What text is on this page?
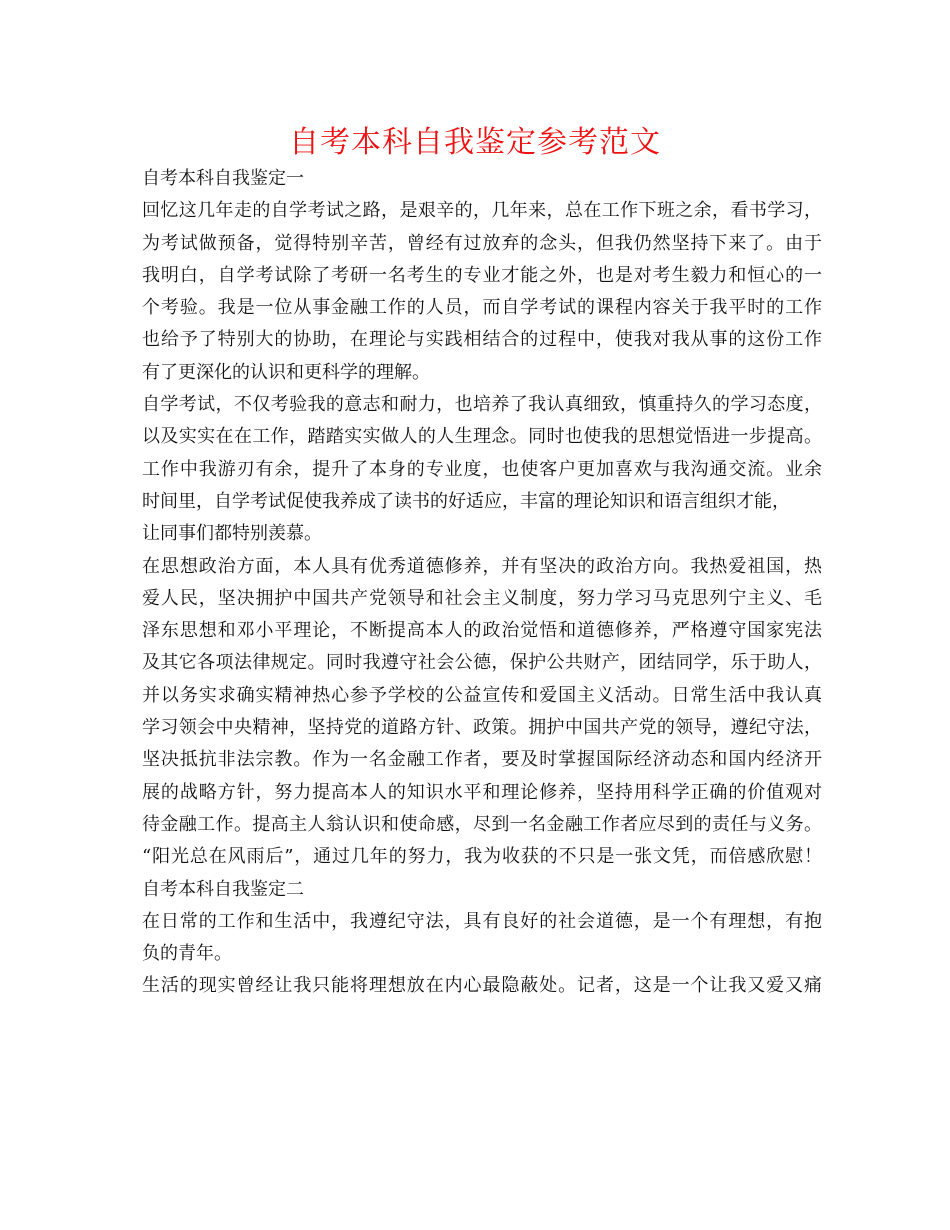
自考本科自我鉴定参考范文
自考本科自我鉴定一
回忆这几年走的自学考试之路，是艰辛的，几年来，总在工作下班之余，看书学习，
为考试做预备，觉得特别辛苦，曾经有过放弃的念头，但我仍然坚持下来了。由于
我明白，自学考试除了考研一名考生的专业才能之外，也是对考生毅力和恒心的一
个考验。我是一位从事金融工作的人员，而自学考试的课程内容关于我平时的工作
也给予了特别大的协助，在理论与实践相结合的过程中，使我对我从事的这份工作
有了更深化的认识和更科学的理解。
自学考试，不仅考验我的意志和耐力，也培养了我认真细致，慎重持久的学习态度，
以及实实在在工作，踏踏实实做人的人生理念。同时也使我的思想觉悟进一步提高。
工作中我游刃有余，提升了本身的专业度，也使客户更加喜欢与我沟通交流。业余
时间里，自学考试促使我养成了读书的好适应，丰富的理论知识和语言组织才能，
让同事们都特别羡慕。
在思想政治方面，本人具有优秀道德修养，并有坚决的政治方向。我热爱祖国，热
爱人民，坚决拥护中国共产党领导和社会主义制度，努力学习马克思列宁主义、毛
泽东思想和邓小平理论，不断提高本人的政治觉悟和道德修养，严格遵守国家宪法
及其它各项法律规定。同时我遵守社会公德，保护公共财产，团结同学，乐于助人，
并以务实求确实精神热心参予学校的公益宣传和爱国主义活动。日常生活中我认真
学习领会中央精神，坚持党的道路方针、政策。拥护中国共产党的领导，遵纪守法，
坚决抵抗非法宗教。作为一名金融工作者，要及时掌握国际经济动态和国内经济开
展的战略方针，努力提高本人的知识水平和理论修养，坚持用科学正确的价值观对
待金融工作。提高主人翁认识和使命感，尽到一名金融工作者应尽到的责任与义务。
“阳光总在风雨后”，通过几年的努力，我为收获的不只是一张文凭，而倍感欣慰！
自考本科自我鉴定二
在日常的工作和生活中，我遵纪守法，具有良好的社会道德，是一个有理想，有抱
负的青年。
生活的现实曾经让我只能将理想放在内心最隐蔽处。记者，这是一个让我又爱又痛
